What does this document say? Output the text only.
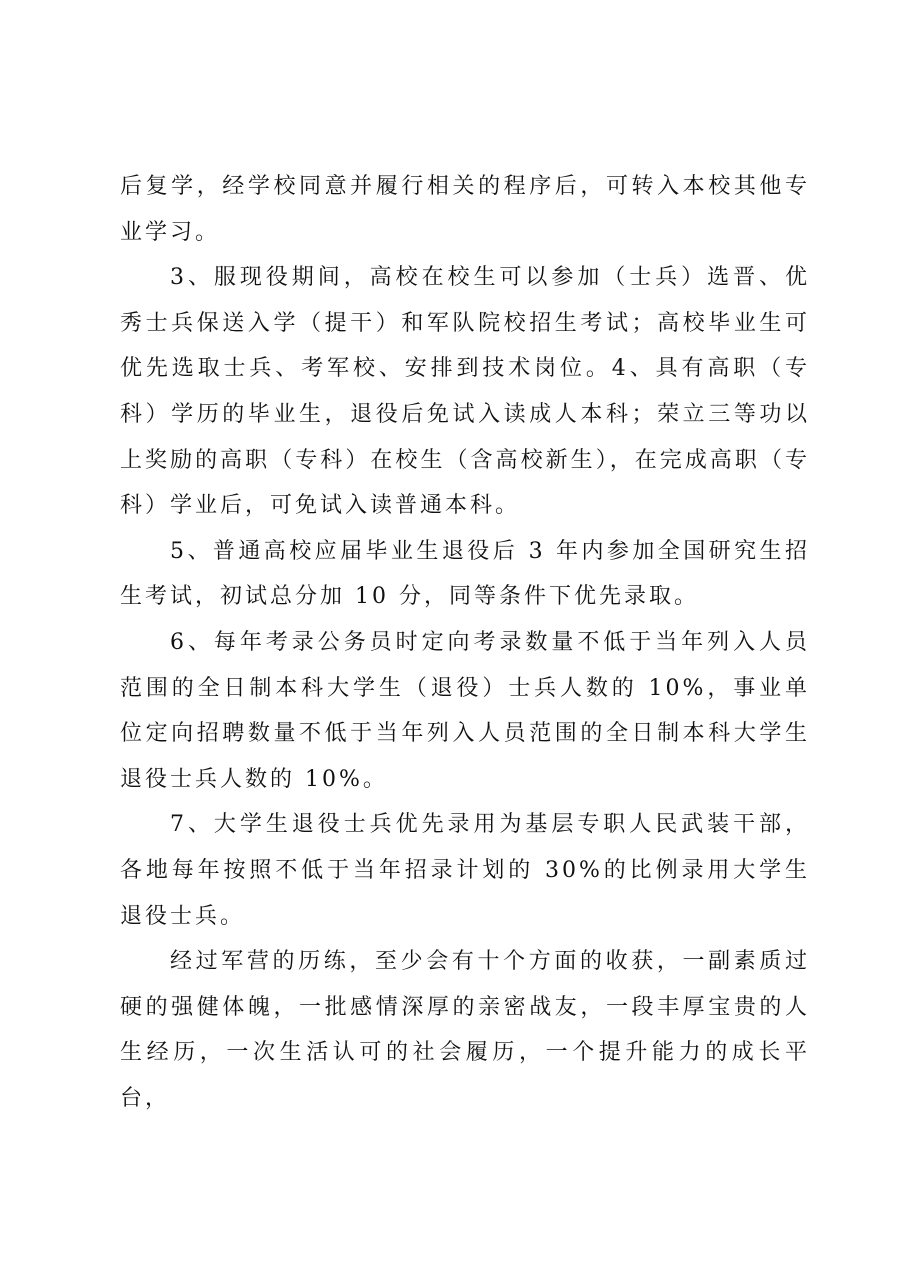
后复学，经学校同意并履行相关的程序后，可转入本校其他专业学习。

3、服现役期间，高校在校生可以参加（士兵）选晋、优秀士兵保送入学（提干）和军队院校招生考试；高校毕业生可优先选取士兵、考军校、安排到技术岗位。4、具有高职（专科）学历的毕业生，退役后免试入读成人本科；荣立三等功以上奖励的高职（专科）在校生（含高校新生），在完成高职（专科）学业后，可免试入读普通本科。

5、普通高校应届毕业生退役后 3 年内参加全国研究生招生考试，初试总分加 10 分，同等条件下优先录取。

6、每年考录公务员时定向考录数量不低于当年列入人员范围的全日制本科大学生（退役）士兵人数的 10%，事业单位定向招聘数量不低于当年列入人员范围的全日制本科大学生退役士兵人数的 10%。

7、大学生退役士兵优先录用为基层专职人民武装干部，各地每年按照不低于当年招录计划的 30%的比例录用大学生退役士兵。

经过军营的历练，至少会有十个方面的收获，一副素质过硬的强健体魄，一批感情深厚的亲密战友，一段丰厚宝贵的人生经历，一次生活认可的社会履历，一个提升能力的成长平台，
